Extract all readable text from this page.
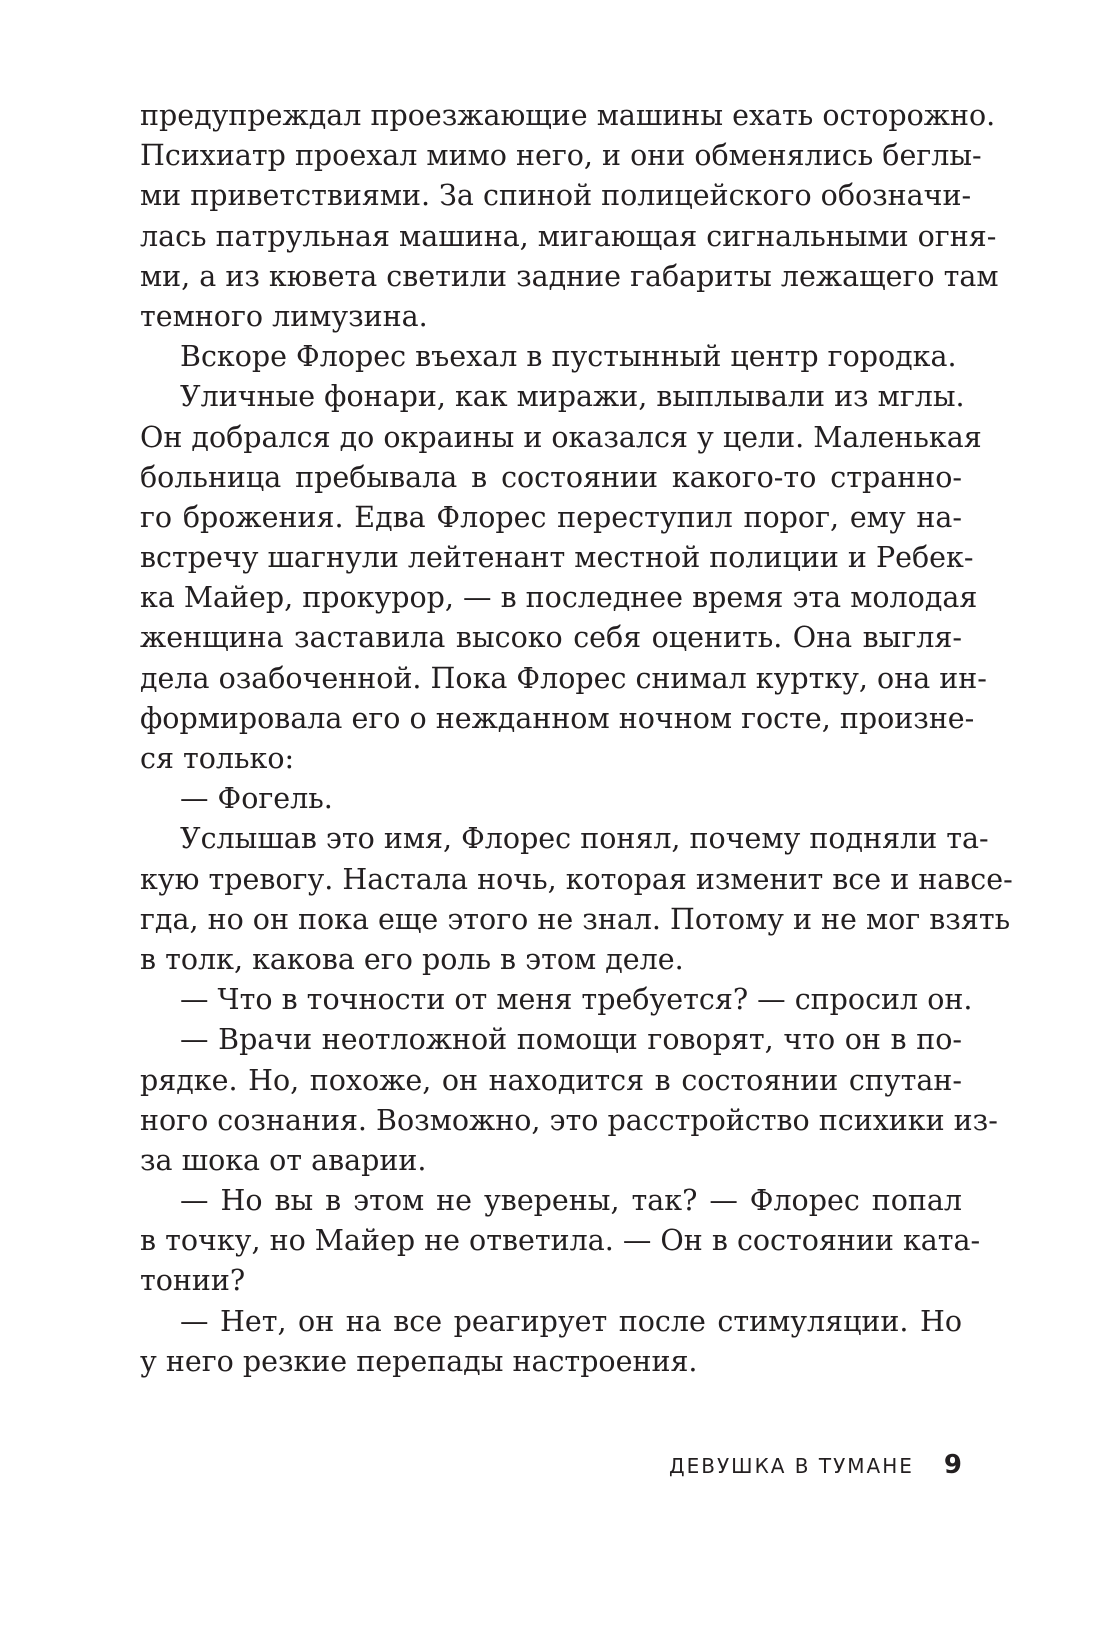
предупреждал проезжающие машины ехать осторожно.
Психиатр проехал мимо него, и они обменялись беглы-
ми приветствиями. За спиной полицейского обозначи-
лась патрульная машина, мигающая сигнальными огня-
ми, а из кювета светили задние габариты лежащего там
темного лимузина.
Вскоре Флорес въехал в пустынный центр городка.
Уличные фонари, как миражи, выплывали из мглы.
Он добрался до окраины и оказался у цели. Маленькая
больница пребывала в состоянии какого-то странно-
го брожения. Едва Флорес переступил порог, ему на-
встречу шагнули лейтенант местной полиции и Ребек-
ка Майер, прокурор, — в последнее время эта молодая
женщина заставила высоко себя оценить. Она выгля-
дела озабоченной. Пока Флорес снимал куртку, она ин-
формировала его о нежданном ночном госте, произне-
ся только:
— Фогель.
Услышав это имя, Флорес понял, почему подняли та-
кую тревогу. Настала ночь, которая изменит все и навсе-
гда, но он пока еще этого не знал. Потому и не мог взять
в толк, какова его роль в этом деле.
— Что в точности от меня требуется? — спросил он.
— Врачи неотложной помощи говорят, что он в по-
рядке. Но, похоже, он находится в состоянии спутан-
ного сознания. Возможно, это расстройство психики из-
за шока от аварии.
— Но вы в этом не уверены, так? — Флорес попал
в точку, но Майер не ответила. — Он в состоянии ката-
тонии?
— Нет, он на все реагирует после стимуляции. Но
у него резкие перепады настроения.
ДЕВУШКА В ТУМАНЕ 9
